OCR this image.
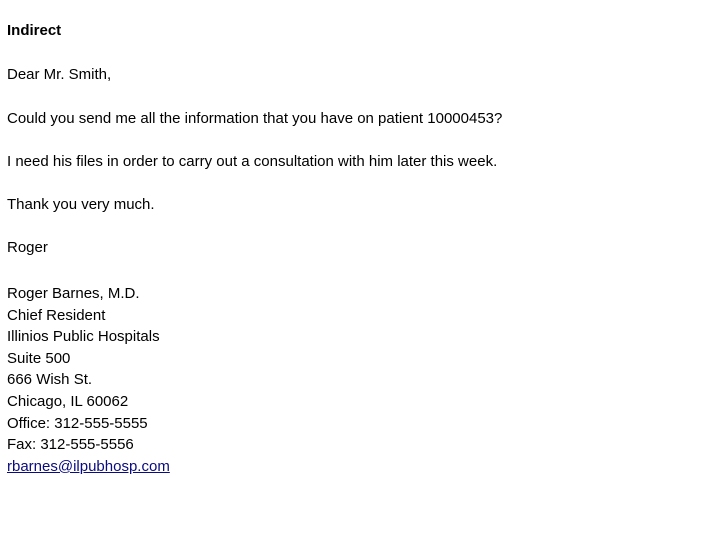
Indirect
Dear Mr. Smith,
Could you send me all the information that you have on patient 10000453?
I need his files in order to carry out a consultation with him later this week.
Thank you very much.
Roger
Roger Barnes, M.D.
Chief Resident
Illinios Public Hospitals
Suite 500
666 Wish St.
Chicago, IL 60062
Office: 312-555-5555
Fax: 312-555-5556
rbarnes@ilpubhosp.com
